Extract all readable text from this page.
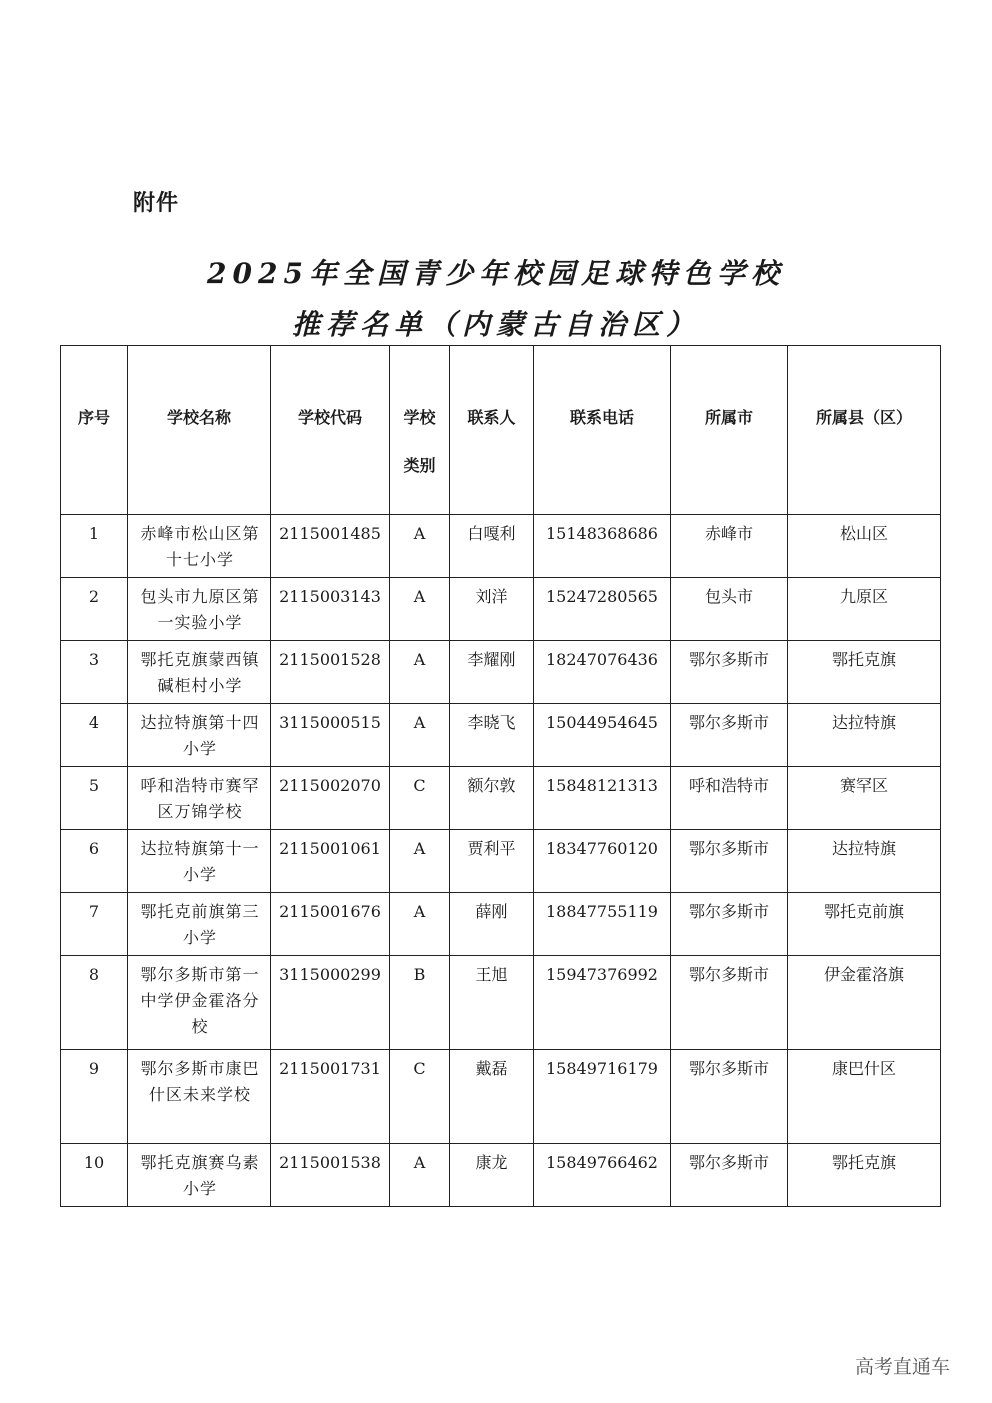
附件
2025年全国青少年校园足球特色学校
推荐名单（内蒙古自治区）
序号	学校名称	学校代码	学校类别	联系人	联系电话	所属市	所属县（区）
1	赤峰市松山区第十七小学	2115001485	A	白嘎利	15148368686	赤峰市	松山区
2	包头市九原区第一实验小学	2115003143	A	刘洋	15247280565	包头市	九原区
3	鄂托克旗蒙西镇碱柜村小学	2115001528	A	李耀刚	18247076436	鄂尔多斯市	鄂托克旗
4	达拉特旗第十四小学	3115000515	A	李晓飞	15044954645	鄂尔多斯市	达拉特旗
5	呼和浩特市赛罕区万锦学校	2115002070	C	额尔敦	15848121313	呼和浩特市	赛罕区
6	达拉特旗第十一小学	2115001061	A	贾利平	18347760120	鄂尔多斯市	达拉特旗
7	鄂托克前旗第三小学	2115001676	A	薛刚	18847755119	鄂尔多斯市	鄂托克前旗
8	鄂尔多斯市第一中学伊金霍洛分校	3115000299	B	王旭	15947376992	鄂尔多斯市	伊金霍洛旗
9	鄂尔多斯市康巴什区未来学校	2115001731	C	戴磊	15849716179	鄂尔多斯市	康巴什区
10	鄂托克旗赛乌素小学	2115001538	A	康龙	15849766462	鄂尔多斯市	鄂托克旗
高考直通车
